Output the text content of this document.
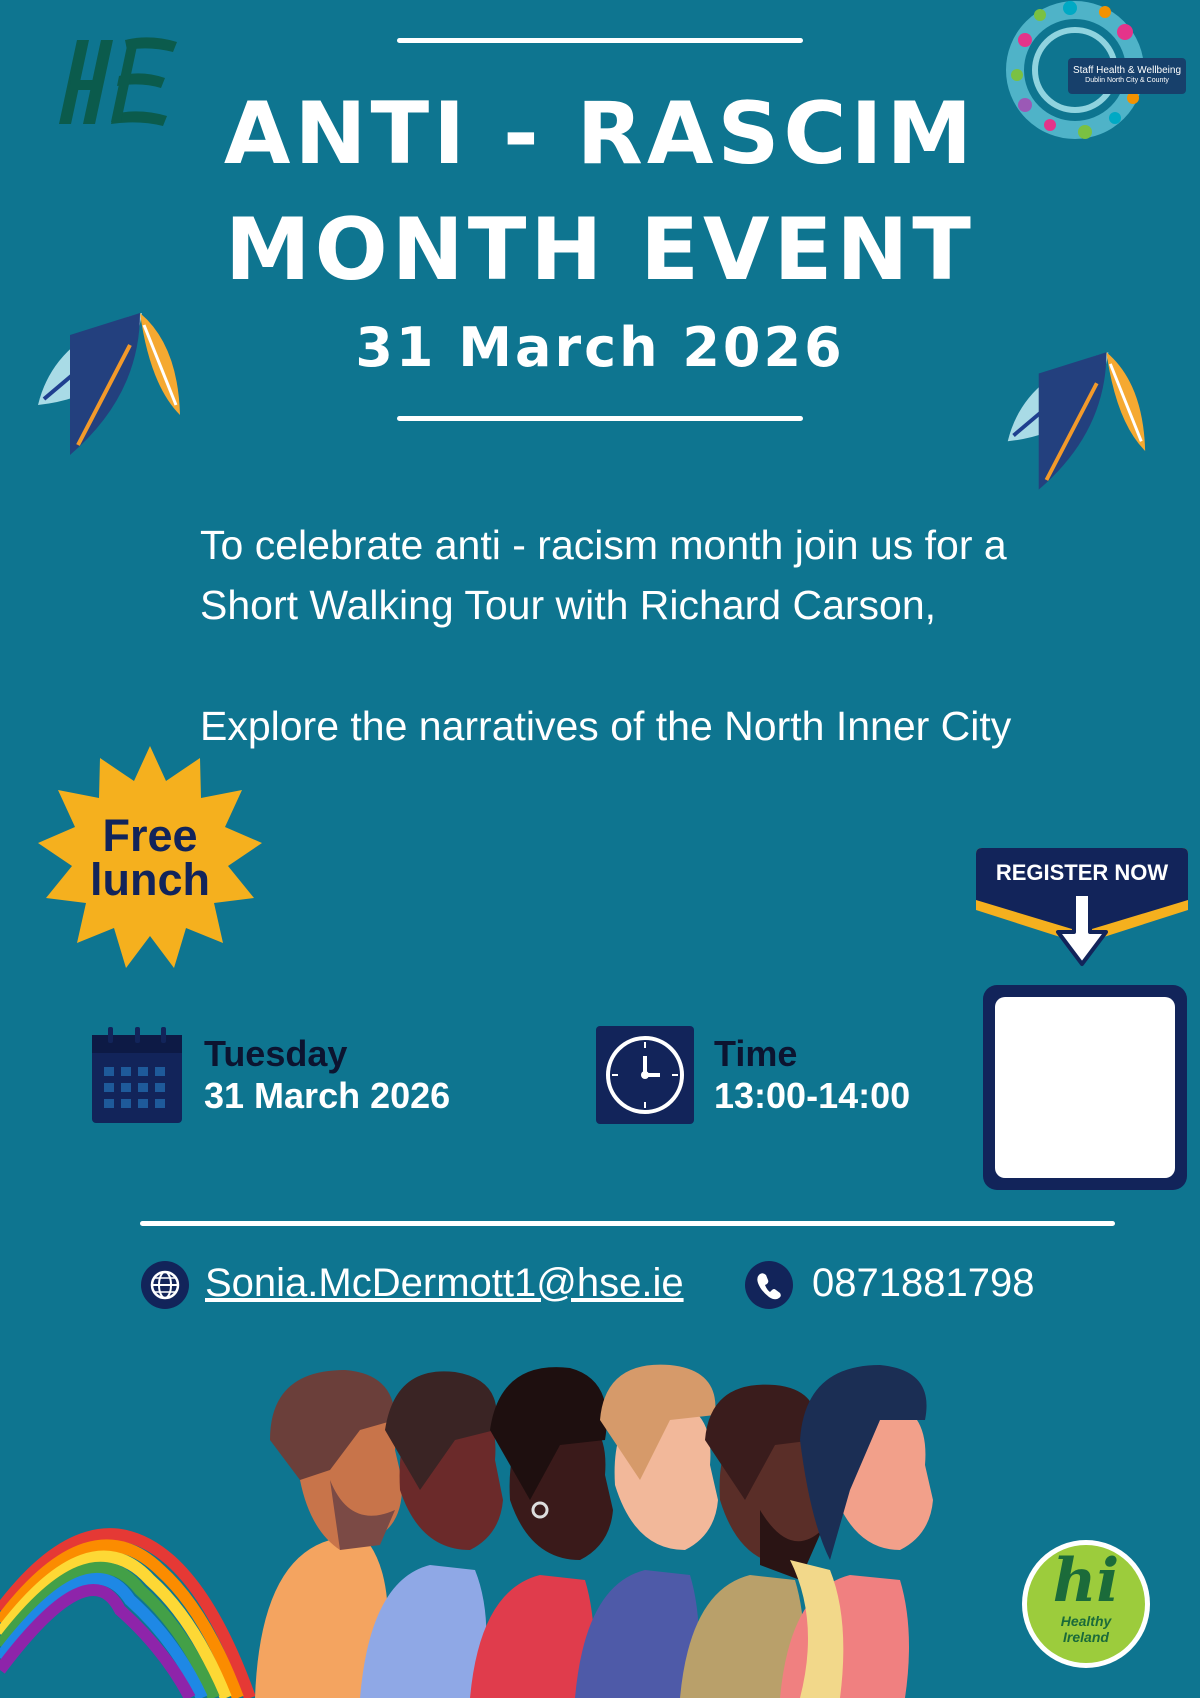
Staff Health & Wellbeing
Dublin North City & County
ANTI - RASCIM
MONTH EVENT
31 March 2026
To celebrate anti - racism month join us for a
Short Walking Tour with Richard Carson,
Explore the narratives of the North Inner City
Free
lunch	REGISTER NOW
Tuesday
31 March 2026
Time
13:00-14:00
Sonia.McDermott1@hse.ie	0871881798
hi
Healthy
Ireland
